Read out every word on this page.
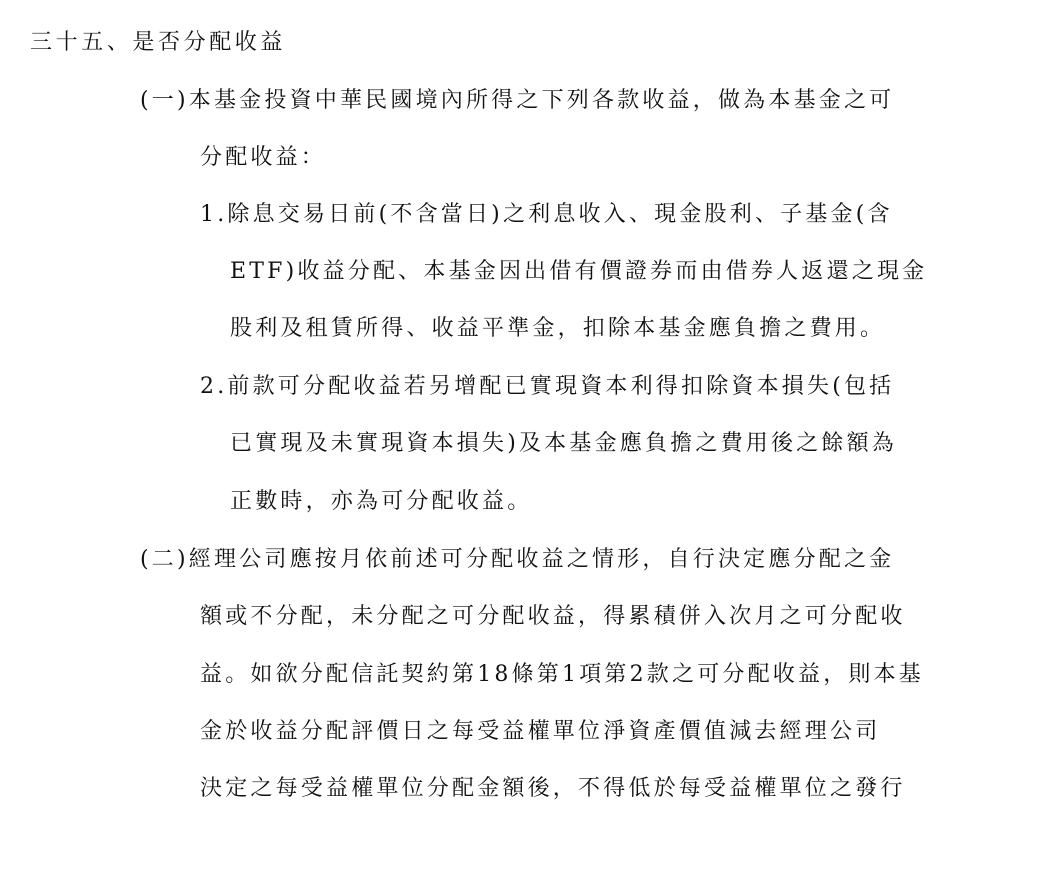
三十五、是否分配收益
(一)本基金投資中華民國境內所得之下列各款收益，做為本基金之可
分配收益：
1.除息交易日前(不含當日)之利息收入、現金股利、子基金(含
ETF)收益分配、本基金因出借有價證券而由借券人返還之現金
股利及租賃所得、收益平準金，扣除本基金應負擔之費用。
2.前款可分配收益若另增配已實現資本利得扣除資本損失(包括
已實現及未實現資本損失)及本基金應負擔之費用後之餘額為
正數時，亦為可分配收益。
(二)經理公司應按月依前述可分配收益之情形，自行決定應分配之金
額或不分配，未分配之可分配收益，得累積併入次月之可分配收
益。如欲分配信託契約第18條第1項第2款之可分配收益，則本基
金於收益分配評價日之每受益權單位淨資產價值減去經理公司
決定之每受益權單位分配金額後，不得低於每受益權單位之發行
